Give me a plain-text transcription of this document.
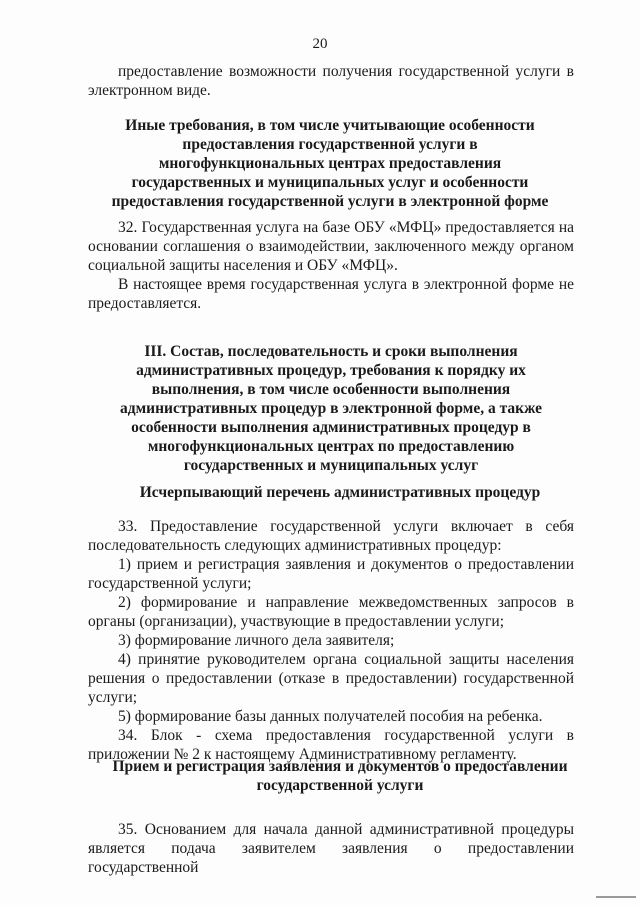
20

предоставление возможности получения государственной услуги в электронном виде.

Иные требования, в том числе учитывающие особенности предоставления государственной услуги в многофункциональных центрах предоставления государственных и муниципальных услуг и особенности предоставления государственной услуги в электронной форме

32. Государственная услуга на базе ОБУ «МФЦ» предоставляется на основании соглашения о взаимодействии, заключенного между органом социальной защиты населения и ОБУ «МФЦ».

В настоящее время государственная услуга в электронной форме не предоставляется.

III. Состав, последовательность и сроки выполнения административных процедур, требования к порядку их выполнения, в том числе особенности выполнения административных процедур в электронной форме, а также особенности выполнения административных процедур в многофункциональных центрах по предоставлению государственных и муниципальных услуг
Исчерпывающий перечень административных процедур

33. Предоставление государственной услуги включает в себя последовательность следующих административных процедур:

1) прием и регистрация заявления и документов о предоставлении государственной услуги;

2) формирование и направление межведомственных запросов в органы (организации), участвующие в предоставлении услуги;

3) формирование личного дела заявителя;

4) принятие руководителем органа социальной защиты населения решения о предоставлении (отказе в предоставлении) государственной услуги;

5) формирование базы данных получателей пособия на ребенка.

34. Блок - схема предоставления государственной услуги в приложении № 2 к настоящему Административному регламенту.

Прием и регистрация заявления и документов о предоставлении государственной услуги

35. Основанием для начала данной административной процедуры является подача заявителем заявления о предоставлении государственной
